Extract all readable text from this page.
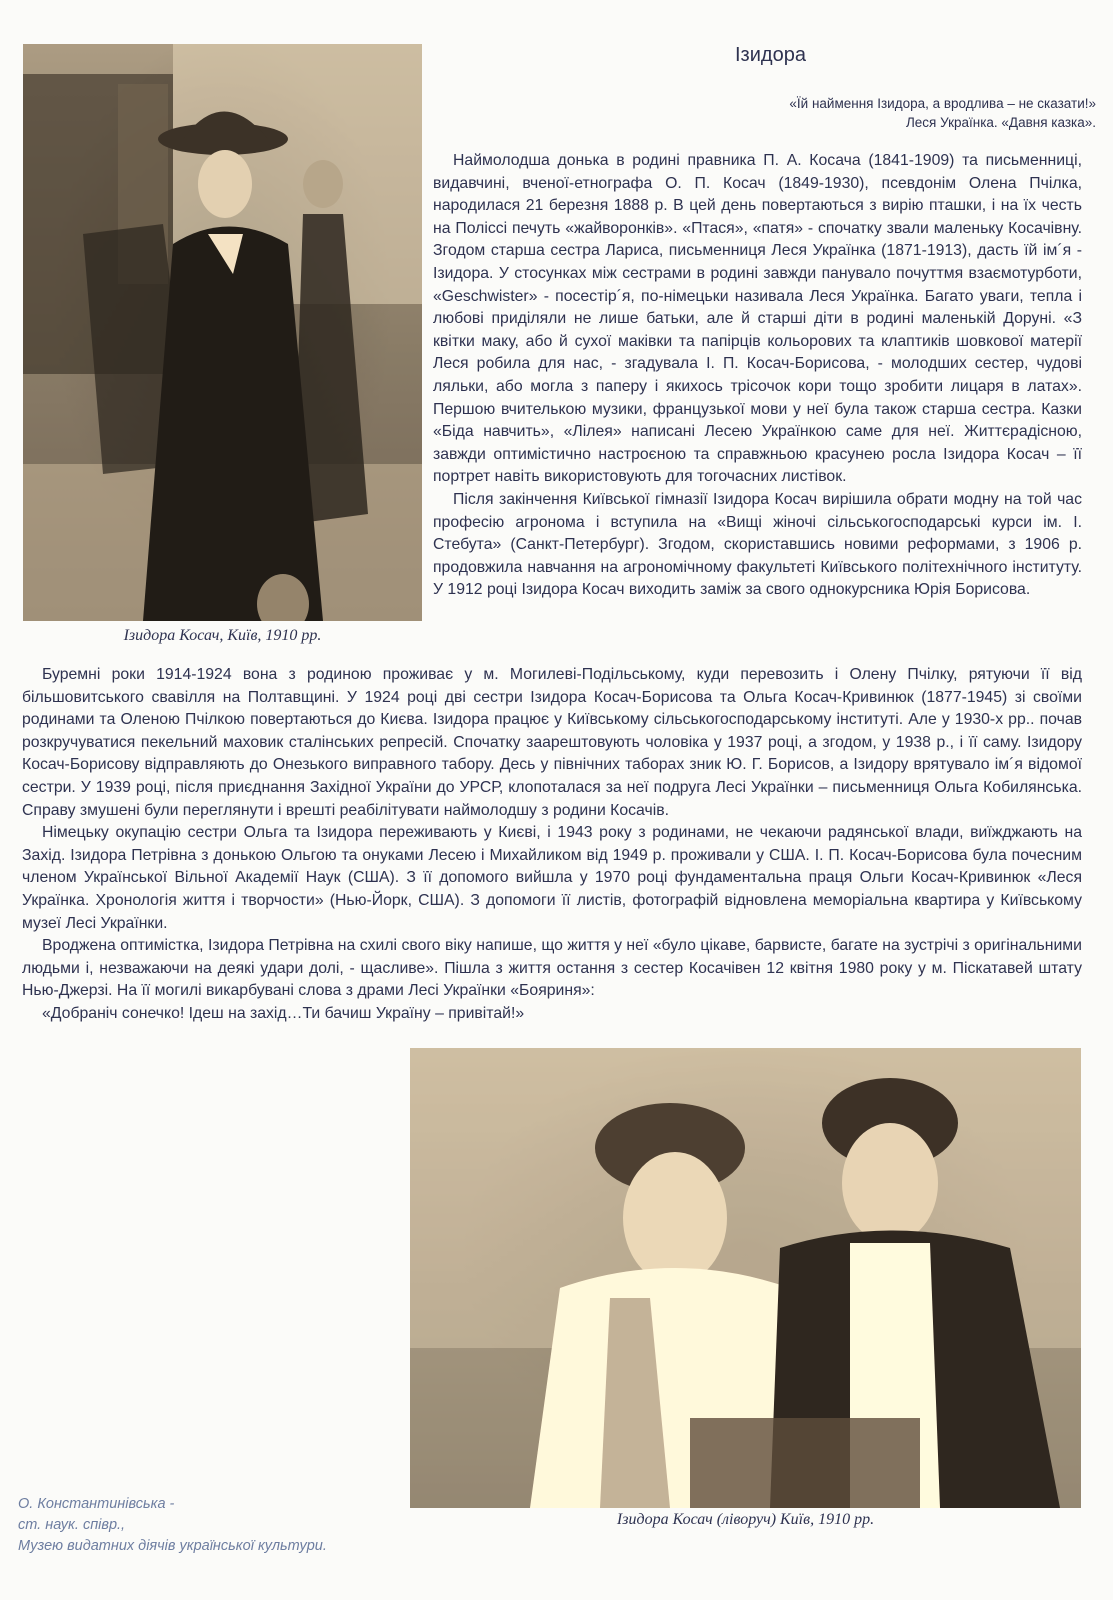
Ізидора Косач, Київ, 1910 рр.
Ізидора
«Їй наймення Ізидора, а вродлива – не сказати!»
Леся Українка. «Давня казка».

Наймолодша донька в родині правника П. А. Косача (1841-1909) та письменниці, видавчині, вченої-етнографа О. П. Косач (1849-1930), псевдонім Олена Пчілка, народилася 21 березня 1888 р. В цей день повертаються з вирію пташки, і на їх честь на Поліссі печуть «жайворонків». «Птася», «патя» - спочатку звали маленьку Косачівну. Згодом старша сестра Лариса, письменниця Леся Українка (1871-1913), дасть їй ім´я - Ізидора. У стосунках між сестрами в родині завжди панувало почуттмя взаємотурботи, «Geschwister» - посестір´я, по-німецьки називала Леся Українка. Багато уваги, тепла і любові приділяли не лише батьки, але й старші діти в родині маленькій Доруні. «З квітки маку, або й сухої маківки та папірців кольорових та клаптиків шовкової матерії Леся робила для нас, - згадувала І. П. Косач-Борисова, - молодших сестер, чудові ляльки, або могла з паперу і якихось трісочок кори тощо зробити лицаря в латах». Першою вчителькою музики, французької мови у неї була також старша сестра. Казки «Біда навчить», «Лілея» написані Лесею Українкою саме для неї. Життєрадісною, завжди оптимістично настроєною та справжньою красунею росла Ізидора Косач – її портрет навіть використовують для тогочасних листівок.

Після закінчення Київської гімназії Ізидора Косач вирішила обрати модну на той час професію агронома і вступила на «Вищі жіночі сільськогосподарські курси ім. І. Стебута» (Санкт-Петербург). Згодом, скориставшись новими реформами, з 1906 р. продовжила навчання на агрономічному факультеті Київського політехнічного інституту. У 1912 році Ізидора Косач виходить заміж за свого однокурсника Юрія Борисова.

Буремні роки 1914-1924 вона з родиною проживає у м. Могилеві-Подільському, куди перевозить і Олену Пчілку, рятуючи її від більшовитського свавілля на Полтавщині. У 1924 році дві сестри Ізидора Косач-Борисова та Ольга Косач-Кривинюк (1877-1945) зі своїми родинами та Оленою Пчілкою повертаються до Києва. Ізидора працює у Київському сільськогосподарському інституті. Але у 1930-х рр.. почав розкручуватися пекельний маховик сталінських репресій. Спочатку заарештовують чоловіка у 1937 році, а згодом, у 1938 р., і її саму. Ізидору Косач-Борисову відправляють до Онезького виправного табору. Десь у північних таборах зник Ю. Г. Борисов, а Ізидору врятувало ім´я відомої сестри. У 1939 році, після приєднання Західної України до УРСР, клопоталася за неї подруга Лесі Українки – письменниця Ольга Кобилянська. Справу змушені були переглянути і врешті реабілітувати наймолодшу з родини Косачів.

Німецьку окупацію сестри Ольга та Ізидора переживають у Києві, і 1943 року з родинами, не чекаючи радянської влади, виїжджають на Захід. Ізидора Петрівна з донькою Ольгою та онуками Лесею і Михайликом від 1949 р. проживали у США. І. П. Косач-Борисова була почесним членом Української Вільної Академії Наук (США). З її допомого вийшла у 1970 році фундаментальна праця Ольги Косач-Кривинюк «Леся Українка. Хронологія життя і творчости» (Нью-Йорк, США). З допомоги її листів, фотографій відновлена меморіальна квартира у Київському музеї Лесі Українки.

Вроджена оптимістка, Ізидора Петрівна на схилі свого віку напише, що життя у неї «було цікаве, барвисте, багате на зустрічі з оригінальними людьми і, незважаючи на деякі удари долі, - щасливе». Пішла з життя остання з сестер Косачівен 12 квітня 1980 року у м. Піскатавей штату Нью-Джерзі. На її могилі викарбувані слова з драми Лесі Українки «Бояриня»:

«Добраніч сонечко! Ідеш на захід…Ти бачиш Україну – привітай!»

Ізидора Косач (ліворуч) Київ, 1910 рр.
О. Константинівська -
ст. наук. співр.,
Музею видатних діячів української культури.
